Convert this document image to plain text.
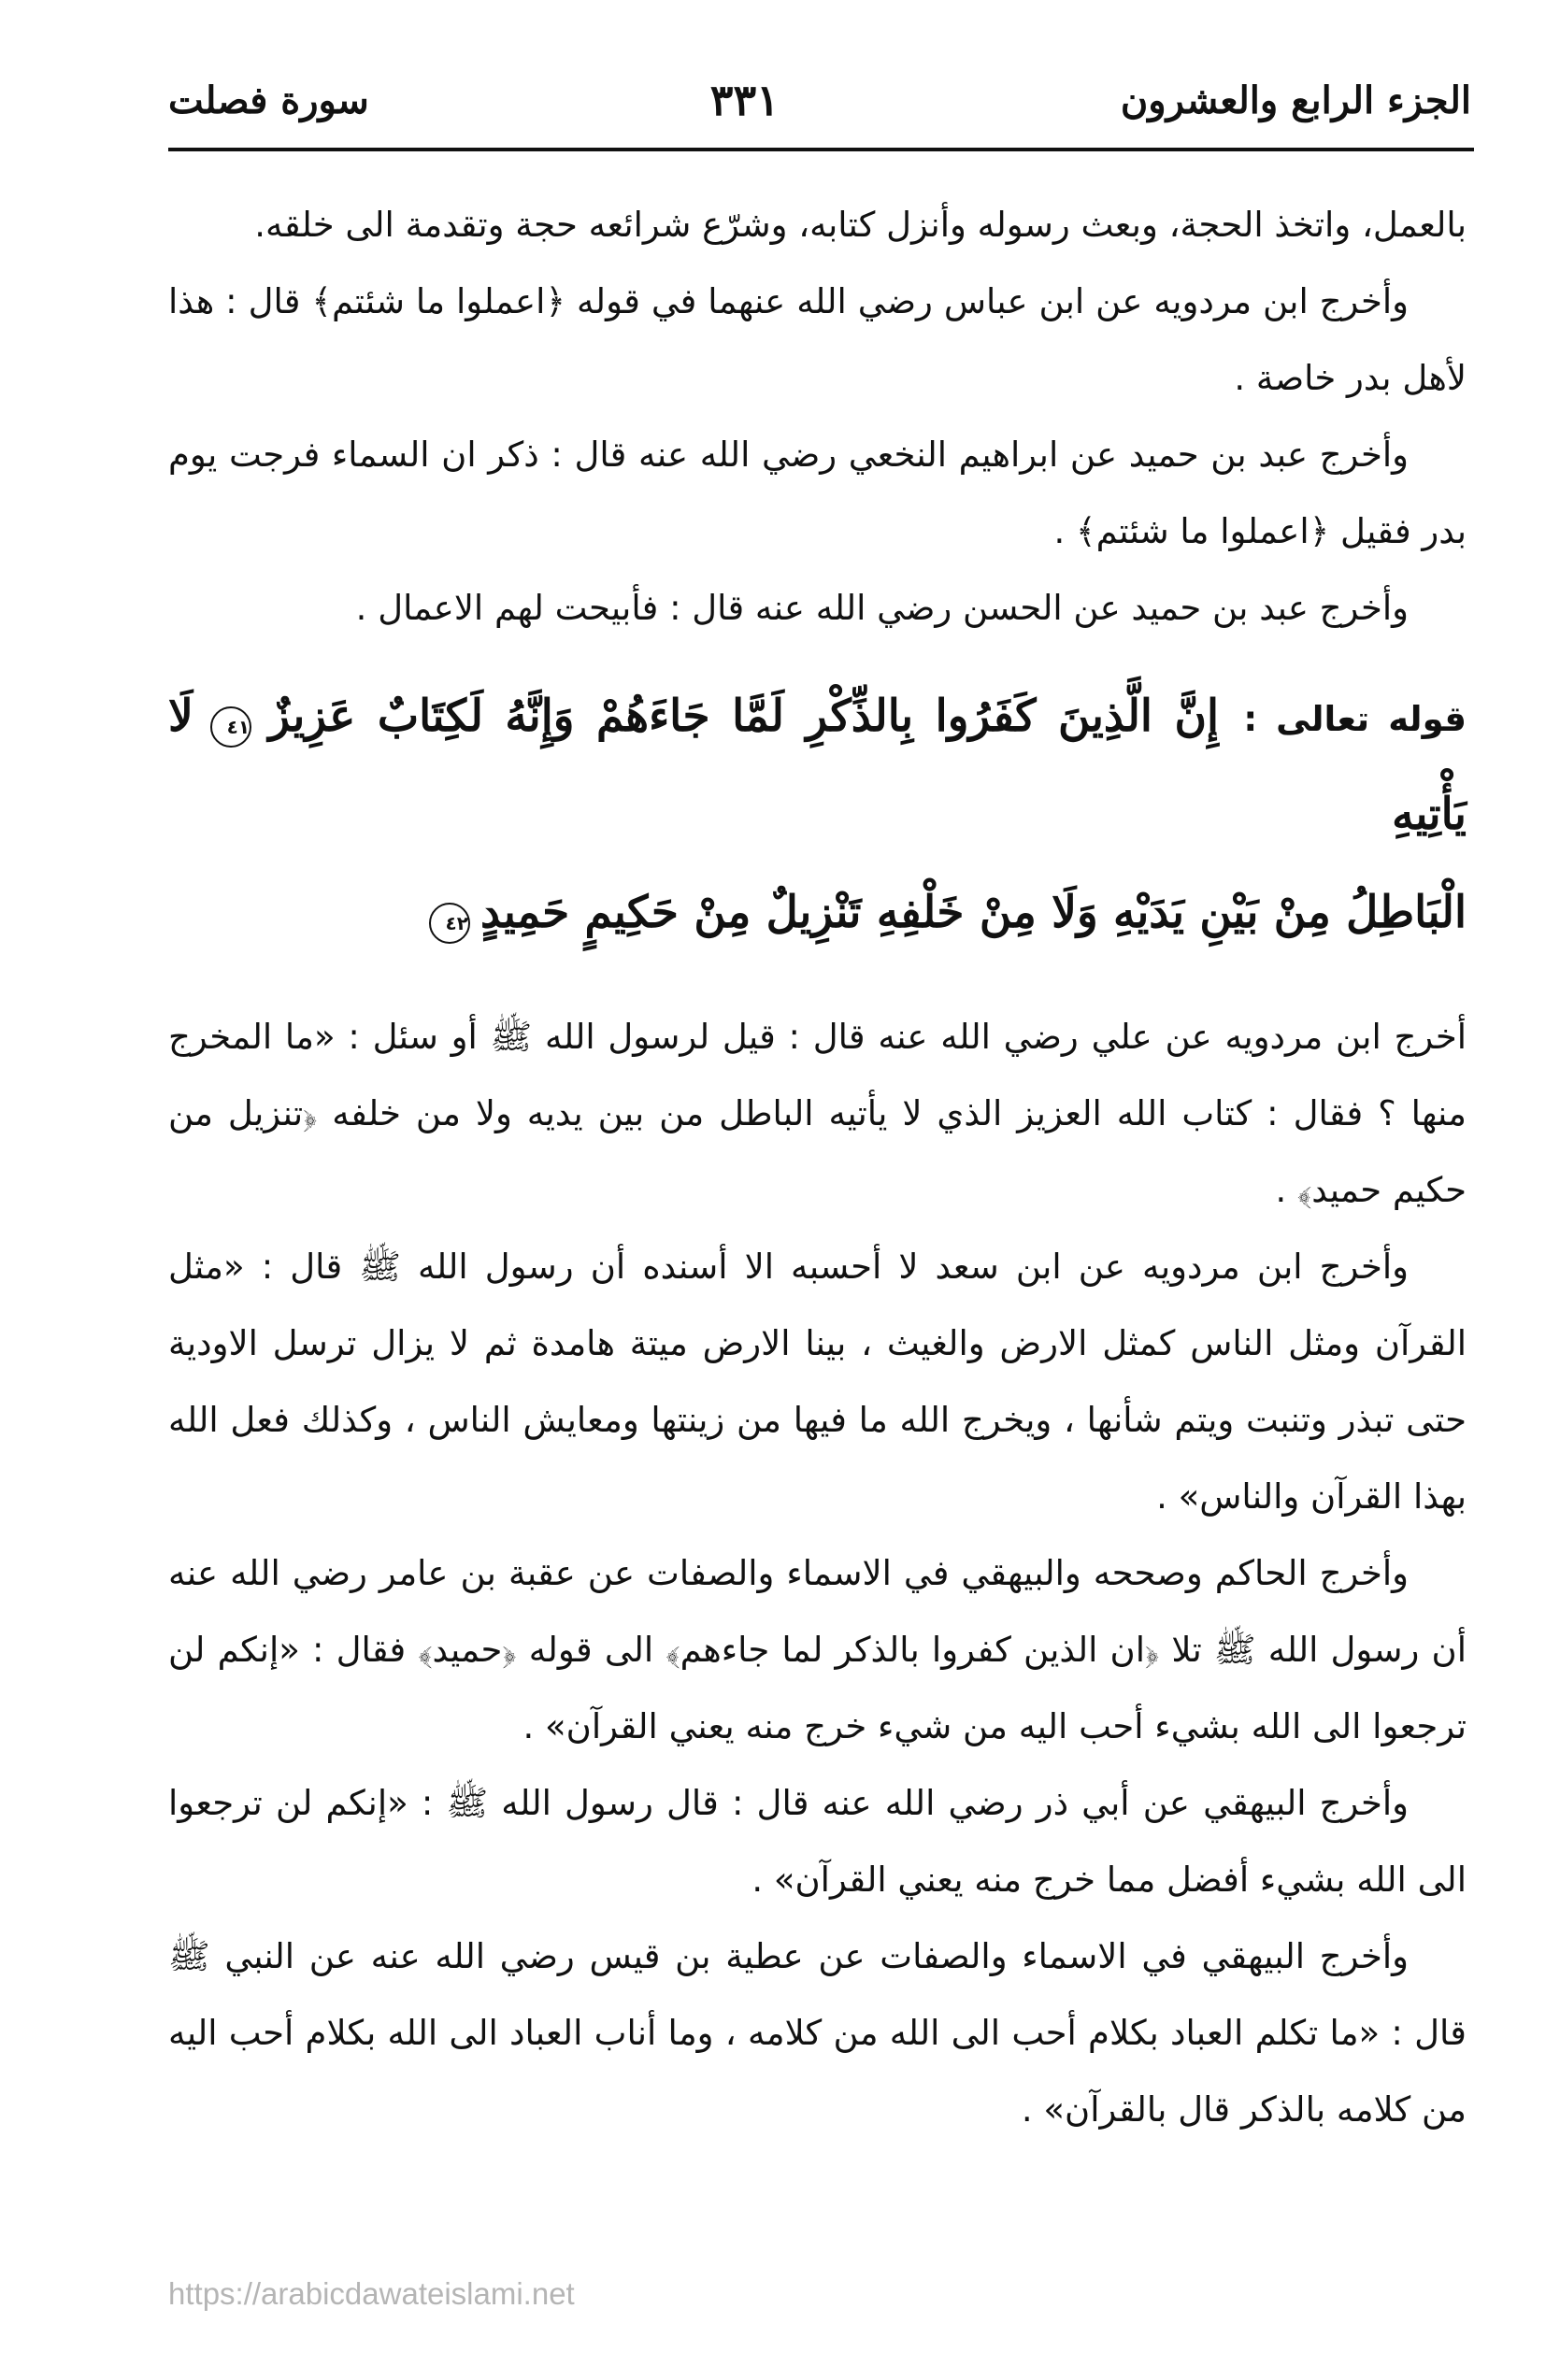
الجزء الرابع والعشرون
٣٣١
سورة فصلت

بالعمل، واتخذ الحجة، وبعث رسوله وأنزل كتابه، وشرّع شرائعه حجة وتقدمة الى خلقه.

وأخرج ابن مردويه عن ابن عباس رضي الله عنهما في قوله ﴿اعملوا ما شئتم﴾ قال : هذا لأهل بدر خاصة .

وأخرج عبد بن حميد عن ابراهيم النخعي رضي الله عنه قال : ذكر ان السماء فرجت يوم بدر فقيل ﴿اعملوا ما شئتم﴾ .

وأخرج عبد بن حميد عن الحسن رضي الله عنه قال : فأبيحت لهم الاعمال .

قوله تعالى : إِنَّ الَّذِينَ كَفَرُوا بِالذِّكْرِ لَمَّا جَاءَهُمْ وَإِنَّهُ لَكِتَابٌ عَزِيزٌ ٤١ لَا يَأْتِيهِ
الْبَاطِلُ مِنْ بَيْنِ يَدَيْهِ وَلَا مِنْ خَلْفِهِ تَنْزِيلٌ مِنْ حَكِيمٍ حَمِيدٍ ٤٢

أخرج ابن مردويه عن علي رضي الله عنه قال : قيل لرسول الله ﷺ أو سئل : «ما المخرج منها ؟ فقال : كتاب الله العزيز الذي لا يأتيه الباطل من بين يديه ولا من خلفه ﴿تنزيل من حكيم حميد﴾ .

وأخرج ابن مردويه عن ابن سعد لا أحسبه الا أسنده أن رسول الله ﷺ قال : «مثل القرآن ومثل الناس كمثل الارض والغيث ، بينا الارض ميتة هامدة ثم لا يزال ترسل الاودية حتى تبذر وتنبت ويتم شأنها ، ويخرج الله ما فيها من زينتها ومعايش الناس ، وكذلك فعل الله بهذا القرآن والناس» .

وأخرج الحاكم وصححه والبيهقي في الاسماء والصفات عن عقبة بن عامر رضي الله عنه أن رسول الله ﷺ تلا ﴿ان الذين كفروا بالذكر لما جاءهم﴾ الى قوله ﴿حميد﴾ فقال : «إنكم لن ترجعوا الى الله بشيء أحب اليه من شيء خرج منه يعني القرآن» .

وأخرج البيهقي عن أبي ذر رضي الله عنه قال : قال رسول الله ﷺ : «إنكم لن ترجعوا الى الله بشيء أفضل مما خرج منه يعني القرآن» .

وأخرج البيهقي في الاسماء والصفات عن عطية بن قيس رضي الله عنه عن النبي ﷺ قال : «ما تكلم العباد بكلام أحب الى الله من كلامه ، وما أناب العباد الى الله بكلام أحب اليه من كلامه بالذكر قال بالقرآن» .

https://arabicdawateislami.net
